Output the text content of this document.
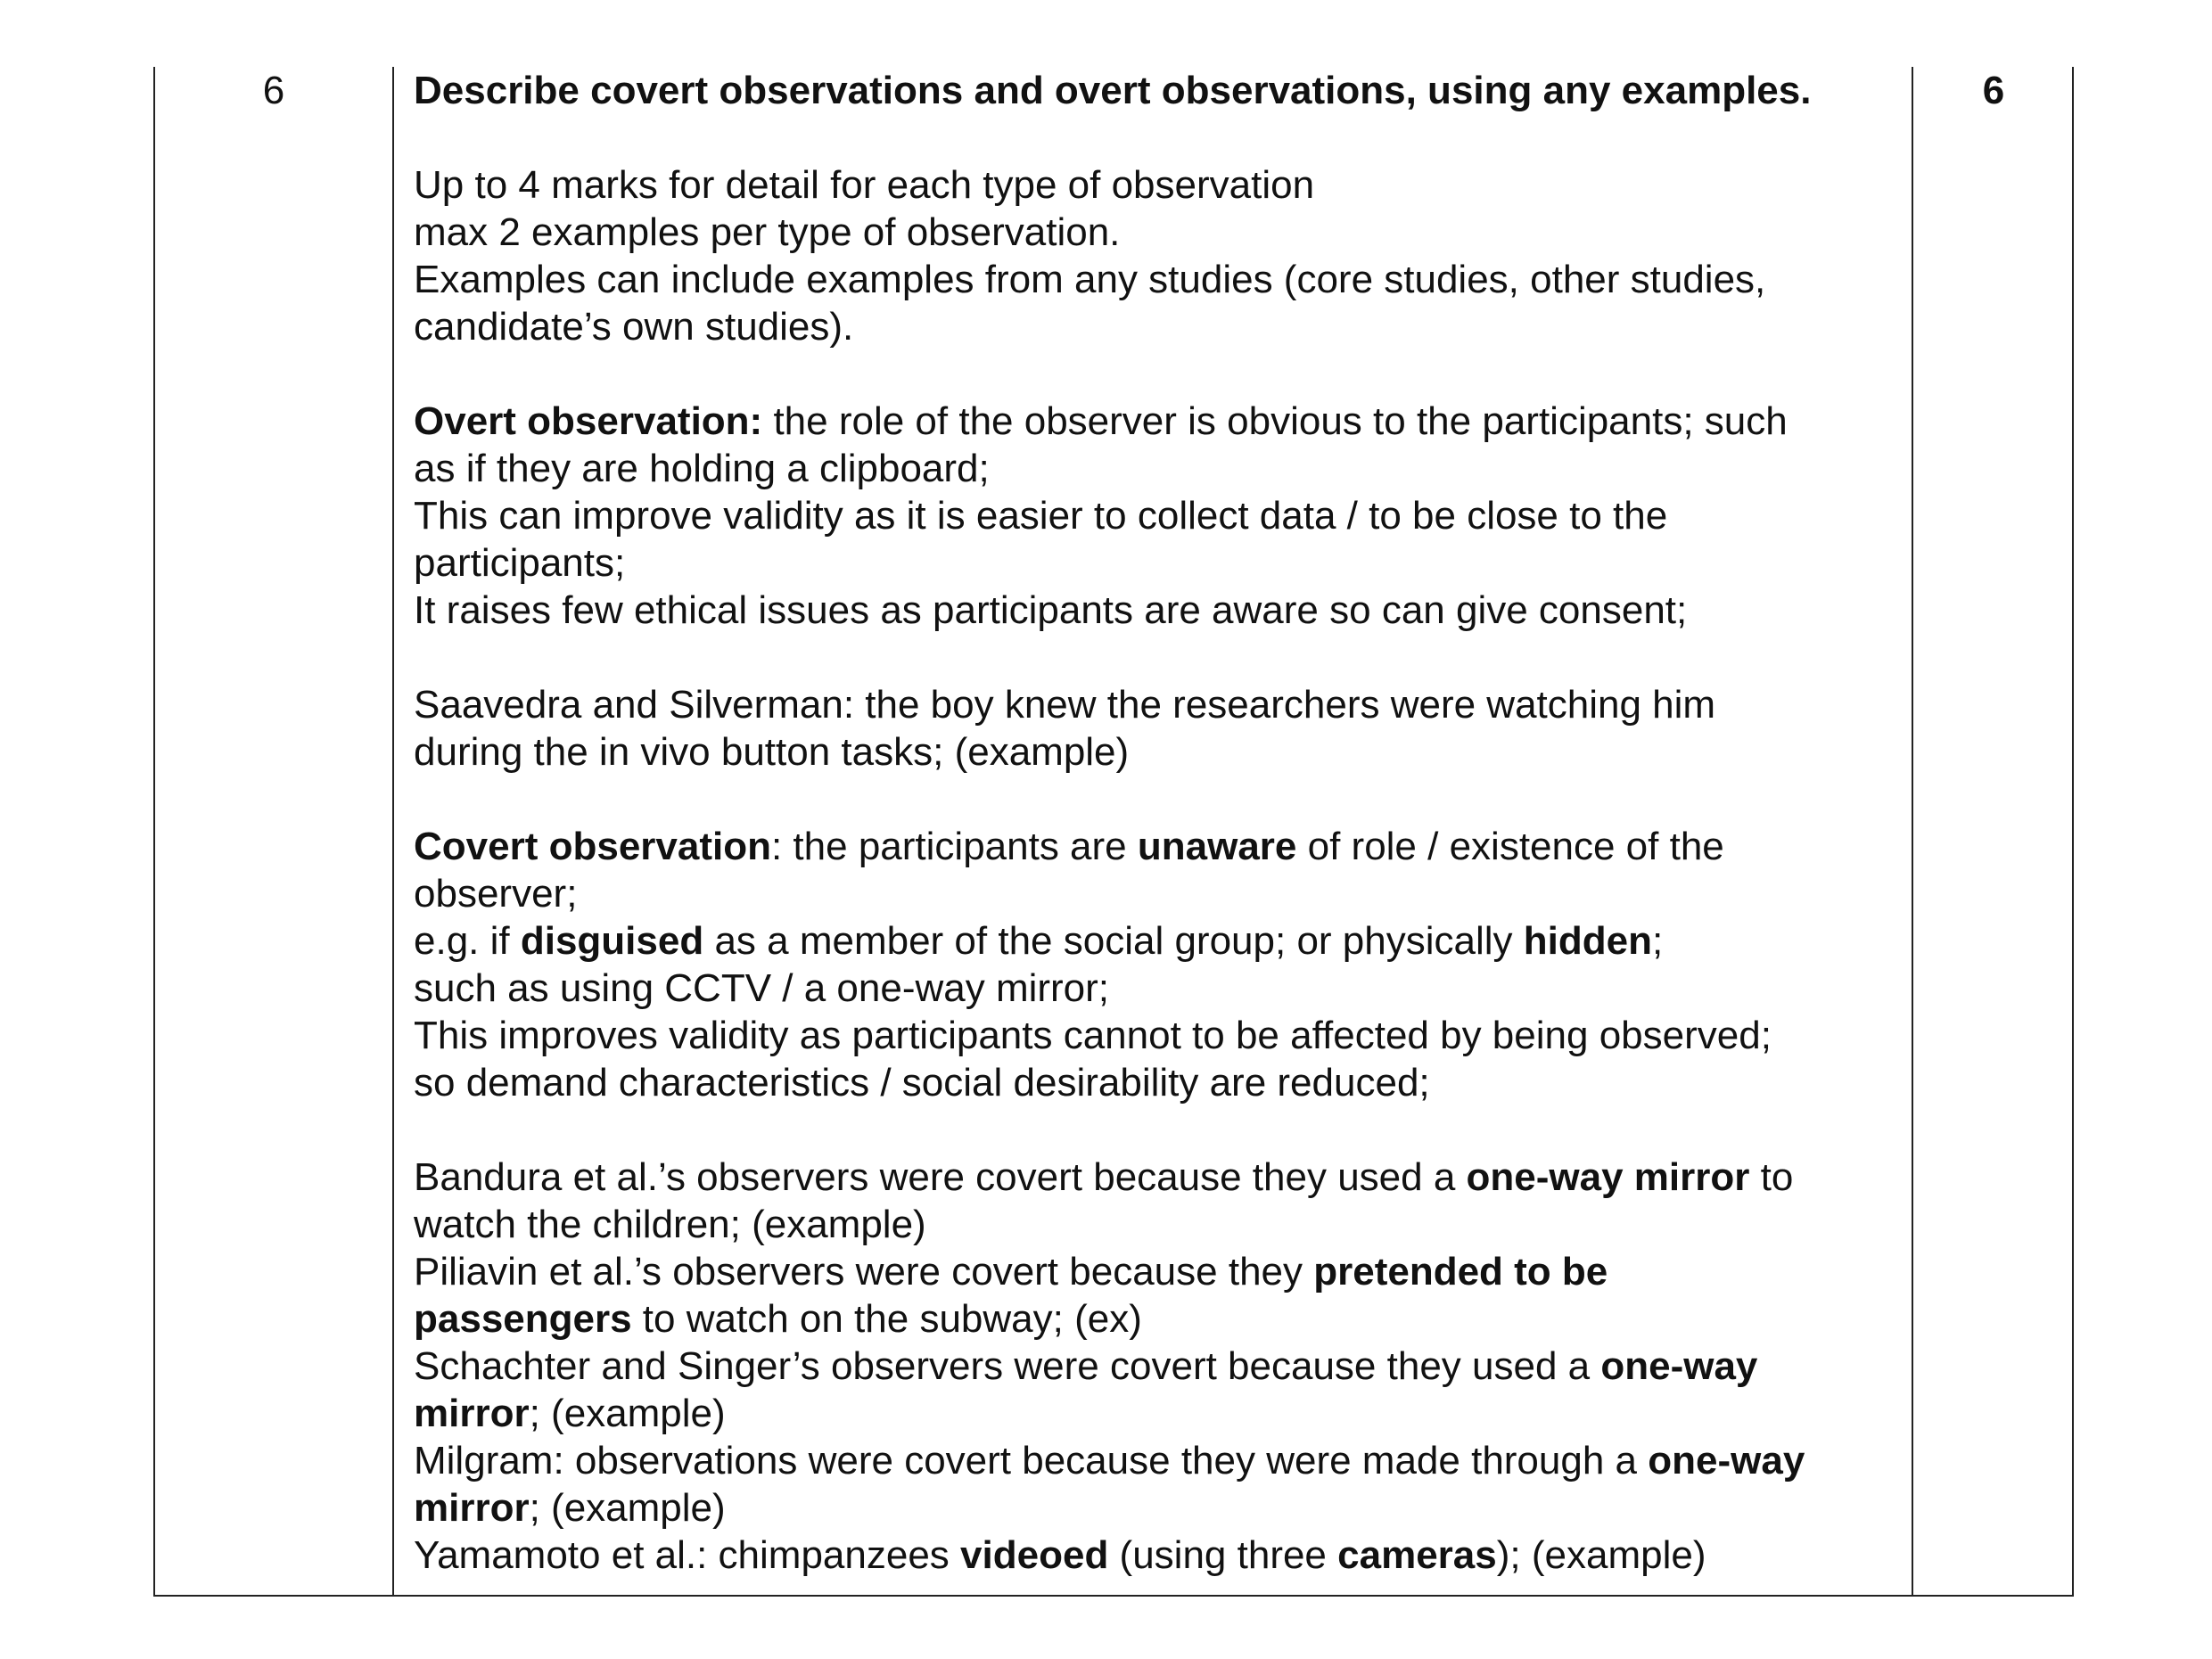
6	6
Describe covert observations and overt observations, using any examples.
Up to 4 marks for detail for each type of observation
max 2 examples per type of observation.
Examples can include examples from any studies (core studies, other studies,
candidate’s own studies).
Overt observation: the role of the observer is obvious to the participants; such
as if they are holding a clipboard;
This can improve validity as it is easier to collect data / to be close to the
participants;
It raises few ethical issues as participants are aware so can give consent;
Saavedra and Silverman: the boy knew the researchers were watching him
during the in vivo button tasks; (example)
Covert observation: the participants are unaware of role / existence of the
observer;
e.g. if disguised as a member of the social group; or physically hidden;
such as using CCTV / a one-way mirror;
This improves validity as participants cannot to be affected by being observed;
so demand characteristics / social desirability are reduced;
Bandura et al.’s observers were covert because they used a one-way mirror to
watch the children; (example)
Piliavin et al.’s observers were covert because they pretended to be
passengers to watch on the subway; (ex)
Schachter and Singer’s observers were covert because they used a one-way
mirror; (example)
Milgram: observations were covert because they were made through a one-way
mirror; (example)
Yamamoto et al.: chimpanzees videoed (using three cameras); (example)
